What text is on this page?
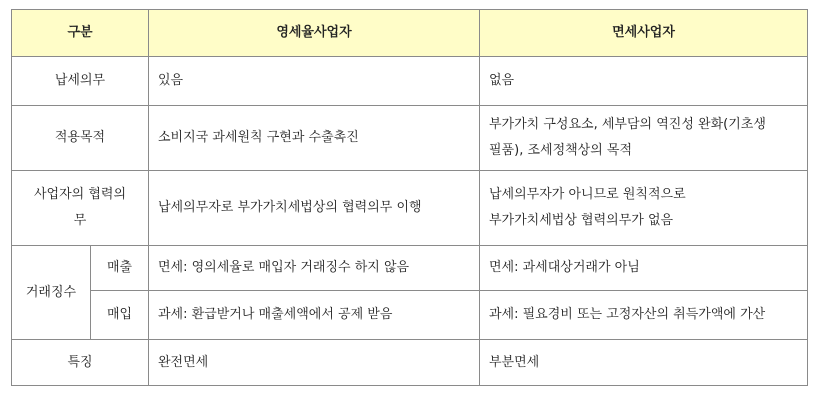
구분		영세율사업자	면세사업자
납세의무		있음	없음
적용목적		소비지국 과세원칙 구현과 수출촉진	부가가치 구성요소, 세부담의 역진성 완화(기초생
필품), 조세정책상의 목적
사업자의 협력의
무		납세의무자로 부가가치세법상의 협력의무 이행	납세의무자가 아니므로 원칙적으로
부가가치세법상 협력의무가 없음
거래징수	매출	면세: 영의세율로 매입자 거래징수 하지 않음	면세: 과세대상거래가 아님
	매입	과세: 환급받거나 매출세액에서 공제 받음	과세: 필요경비 또는 고정자산의 취득가액에 가산
특징		완전면세	부분면세
